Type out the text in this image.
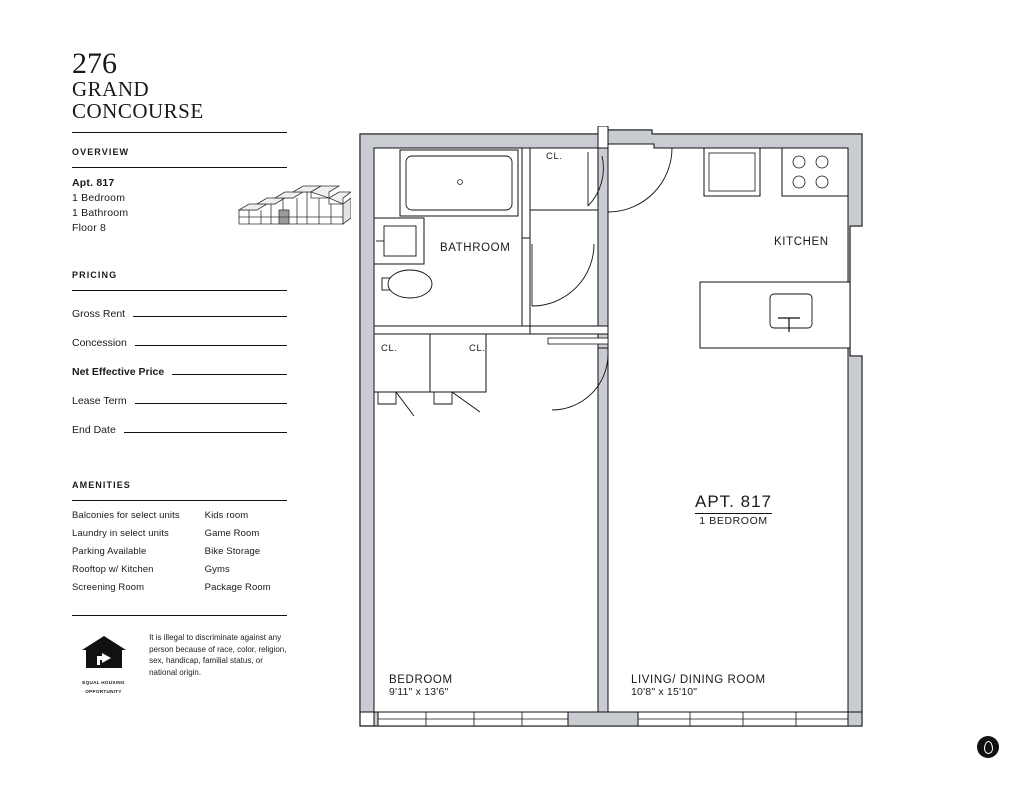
276
GRAND
CONCOURSE
OVERVIEW
Apt. 817
1 Bedroom
1 Bathroom
Floor 8
PRICING
Gross Rent
Concession
Net Effective Price
Lease Term
End Date
AMENITIES
Balconies for select units
Laundry in select units
Parking Available
Rooftop w/ Kitchen
Screening Room
Kids room
Game Room
Bike Storage
Gyms
Package Room
EQUAL HOUSING
OPPORTUNITY
It is illegal to discriminate against any person because of race, color, religion, sex, handicap, familial status, or national origin.
BATHROOM	KITCHEN
BEDROOM
9'11" x 13'6"
LIVING/ DINING ROOM
10'8" x 15'10"
CL.
CL.	CL.
APT. 817
1 BEDROOM
